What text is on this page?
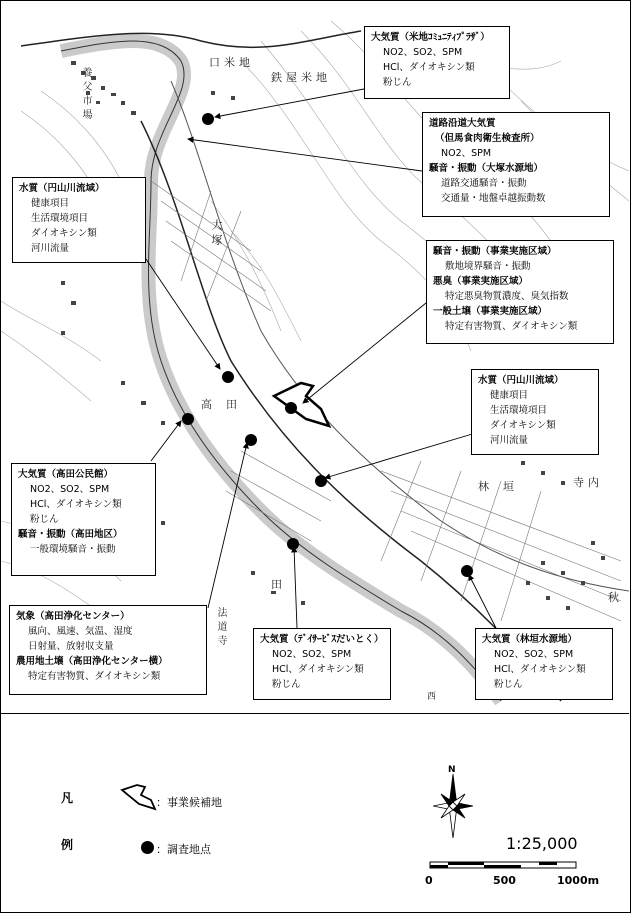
口米地
鉄屋米地
大塚
養父市場
高田
林垣	寺内
法道寺
秋
西
田
大気質（米地ｺﾐｭﾆﾃｨﾌﾟﾗｻﾞ）
NO2、SO2、SPM
HCl、ダイオキシン類
粉じん
道路沿道大気質
（但馬食肉衛生検査所）
NO2、SPM
騒音・振動（大塚水源地）
道路交通騒音・振動
交通量・地盤卓越振動数
水質（円山川流域）
健康項目
生活環境項目
ダイオキシン類
河川流量	騒音・振動（事業実施区域）
敷地境界騒音・振動
悪臭（事業実施区域）
特定悪臭物質濃度、臭気指数
一般土壌（事業実施区域）
特定有害物質、ダイオキシン類
水質（円山川流域）
健康項目
生活環境項目
ダイオキシン類
河川流量
大気質（高田公民館）
NO2、SO2、SPM
HCl、ダイオキシン類
粉じん
騒音・振動（高田地区）
一般環境騒音・振動
気象（高田浄化センター）
風向、風速、気温、湿度
日射量、放射収支量
農用地土壌（高田浄化センター横）
特定有害物質、ダイオキシン類
大気質（ﾃﾞｲｻｰﾋﾞｽだいとく）
NO2、SO2、SPM
HCl、ダイオキシン類
粉じん
大気質（林垣水源地）
NO2、SO2、SPM
HCl、ダイオキシン類
粉じん
凡
例
：事業候補地
：調査地点
N
1:25,000
0	500	1000m
